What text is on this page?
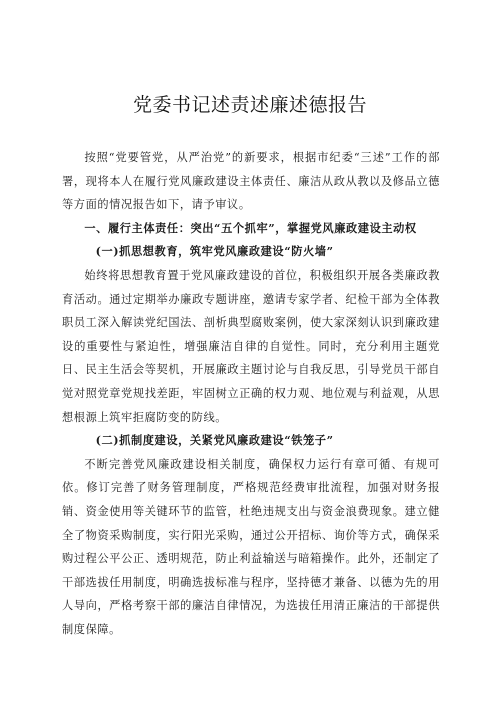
党委书记述责述廉述德报告

按照“党要管党，从严治党”的新要求，根据市纪委“三述”工作的部署，现将本人在履行党风廉政建设主体责任、廉洁从政从教以及修品立德等方面的情况报告如下，请予审议。

一、履行主体责任：突出“五个抓牢”，掌握党风廉政建设主动权

(一)抓思想教育，筑牢党风廉政建设“防火墙”

始终将思想教育置于党风廉政建设的首位，积极组织开展各类廉政教育活动。通过定期举办廉政专题讲座，邀请专家学者、纪检干部为全体教职员工深入解读党纪国法、剖析典型腐败案例，使大家深刻认识到廉政建设的重要性与紧迫性，增强廉洁自律的自觉性。同时，充分利用主题党日、民主生活会等契机，开展廉政主题讨论与自我反思，引导党员干部自觉对照党章党规找差距，牢固树立正确的权力观、地位观与利益观，从思想根源上筑牢拒腐防变的防线。

(二)抓制度建设，关紧党风廉政建设“铁笼子”

不断完善党风廉政建设相关制度，确保权力运行有章可循、有规可依。修订完善了财务管理制度，严格规范经费审批流程，加强对财务报销、资金使用等关键环节的监管，杜绝违规支出与资金浪费现象。建立健全了物资采购制度，实行阳光采购，通过公开招标、询价等方式，确保采购过程公平公正、透明规范，防止利益输送与暗箱操作。此外，还制定了干部选拔任用制度，明确选拔标准与程序，坚持德才兼备、以德为先的用人导向，严格考察干部的廉洁自律情况，为选拔任用清正廉洁的干部提供制度保障。
